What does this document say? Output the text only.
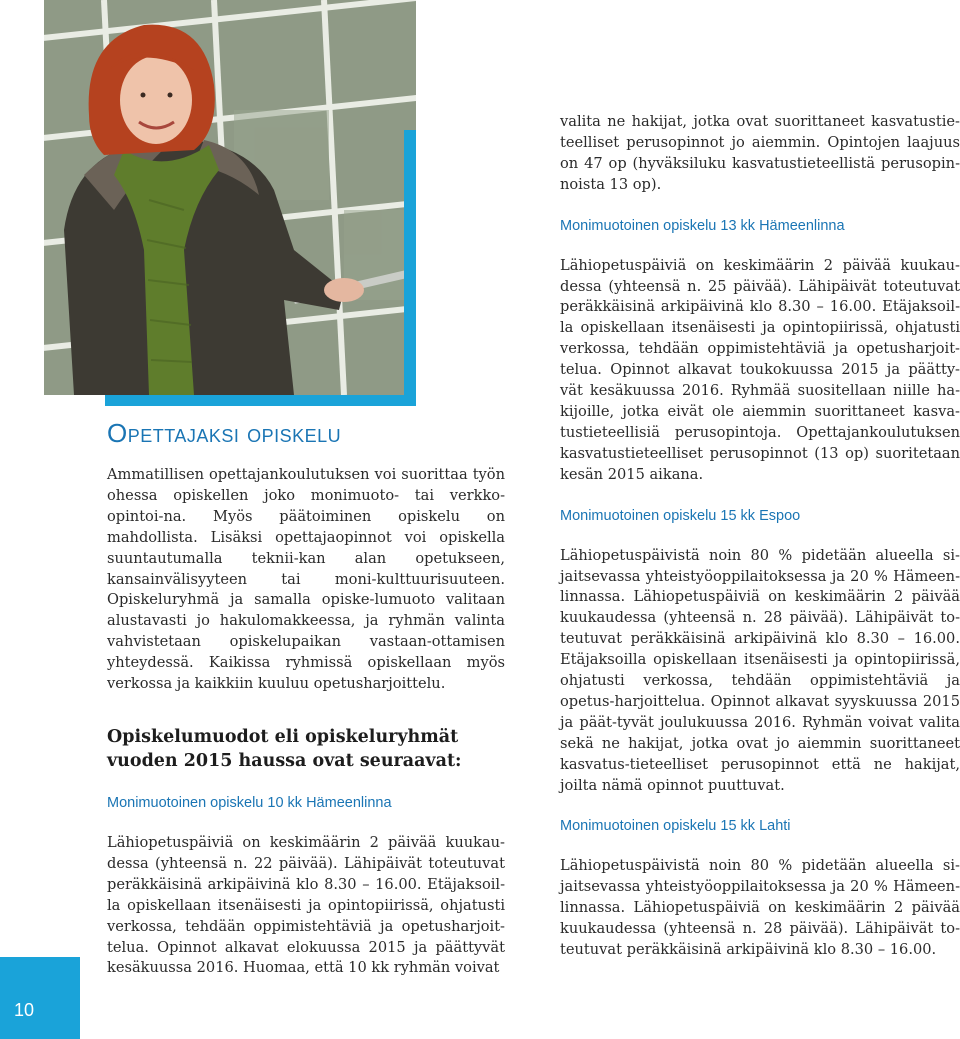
Opettajaksi opiskelu

Ammatillisen opettajankoulutuksen voi suorittaa työn ohessa opiskellen joko monimuoto- tai verkko-opintoi-na. Myös päätoiminen opiskelu on mahdollista. Lisäksi opettajaopinnot voi opiskella suuntautumalla teknii-kan alan opetukseen, kansainvälisyyteen tai moni-kulttuurisuuteen. Opiskeluryhmä ja samalla opiske-lumuoto valitaan alustavasti jo hakulomakkeessa, ja ryhmän valinta vahvistetaan opiskelupaikan vastaan-ottamisen yhteydessä. Kaikissa ryhmissä opiskellaan myös verkossa ja kaikkiin kuuluu opetusharjoittelu.

Opiskelumuodot eli opiskeluryhmät vuoden 2015 haussa ovat seuraavat:
Monimuotoinen opiskelu 10 kk Hämeenlinna

Lähiopetuspäiviä on keskimäärin 2 päivää kuukau-dessa (yhteensä n. 22 päivää). Lähipäivät toteutuvat peräkkäisinä arkipäivinä klo 8.30 – 16.00. Etäjaksoil-la opiskellaan itsenäisesti ja opintopiirissä, ohjatusti verkossa, tehdään oppimistehtäviä ja opetusharjoit-telua. Opinnot alkavat elokuussa 2015 ja päättyvät kesäkuussa 2016. Huomaa, että 10 kk ryhmän voivat

valita ne hakijat, jotka ovat suorittaneet kasvatustie-teelliset perusopinnot jo aiemmin. Opintojen laajuus on 47 op (hyväksiluku kasvatustieteellistä perusopin-noista 13 op).

Monimuotoinen opiskelu 13 kk Hämeenlinna

Lähiopetuspäiviä on keskimäärin 2 päivää kuukau-dessa (yhteensä n. 25 päivää). Lähipäivät toteutuvat peräkkäisinä arkipäivinä klo 8.30 – 16.00. Etäjaksoil-la opiskellaan itsenäisesti ja opintopiirissä, ohjatusti verkossa, tehdään oppimistehtäviä ja opetusharjoit-telua. Opinnot alkavat toukokuussa 2015 ja päätty-vät kesäkuussa 2016. Ryhmää suositellaan niille ha-kijoille, jotka eivät ole aiemmin suorittaneet kasva-tustieteellisiä perusopintoja. Opettajankoulutuksen kasvatustieteelliset perusopinnot (13 op) suoritetaan kesän 2015 aikana.

Monimuotoinen opiskelu 15 kk Espoo

Lähiopetuspäivistä noin 80 % pidetään alueella si-jaitsevassa yhteistyöoppilaitoksessa ja 20 % Hämeen-linnassa. Lähiopetuspäiviä on keskimäärin 2 päivää kuukaudessa (yhteensä n. 28 päivää). Lähipäivät to-teutuvat peräkkäisinä arkipäivinä klo 8.30 – 16.00. Etäjaksoilla opiskellaan itsenäisesti ja opintopiirissä, ohjatusti verkossa, tehdään oppimistehtäviä ja opetus-harjoittelua. Opinnot alkavat syyskuussa 2015 ja päät-tyvät joulukuussa 2016. Ryhmän voivat valita sekä ne hakijat, jotka ovat jo aiemmin suorittaneet kasvatus-tieteelliset perusopinnot että ne hakijat, joilta nämä opinnot puuttuvat.

Monimuotoinen opiskelu 15 kk Lahti

Lähiopetuspäivistä noin 80 % pidetään alueella si-jaitsevassa yhteistyöoppilaitoksessa ja 20 % Hämeen-linnassa. Lähiopetuspäiviä on keskimäärin 2 päivää kuukaudessa (yhteensä n. 28 päivää). Lähipäivät to-teutuvat peräkkäisinä arkipäivinä klo 8.30 – 16.00.

10
